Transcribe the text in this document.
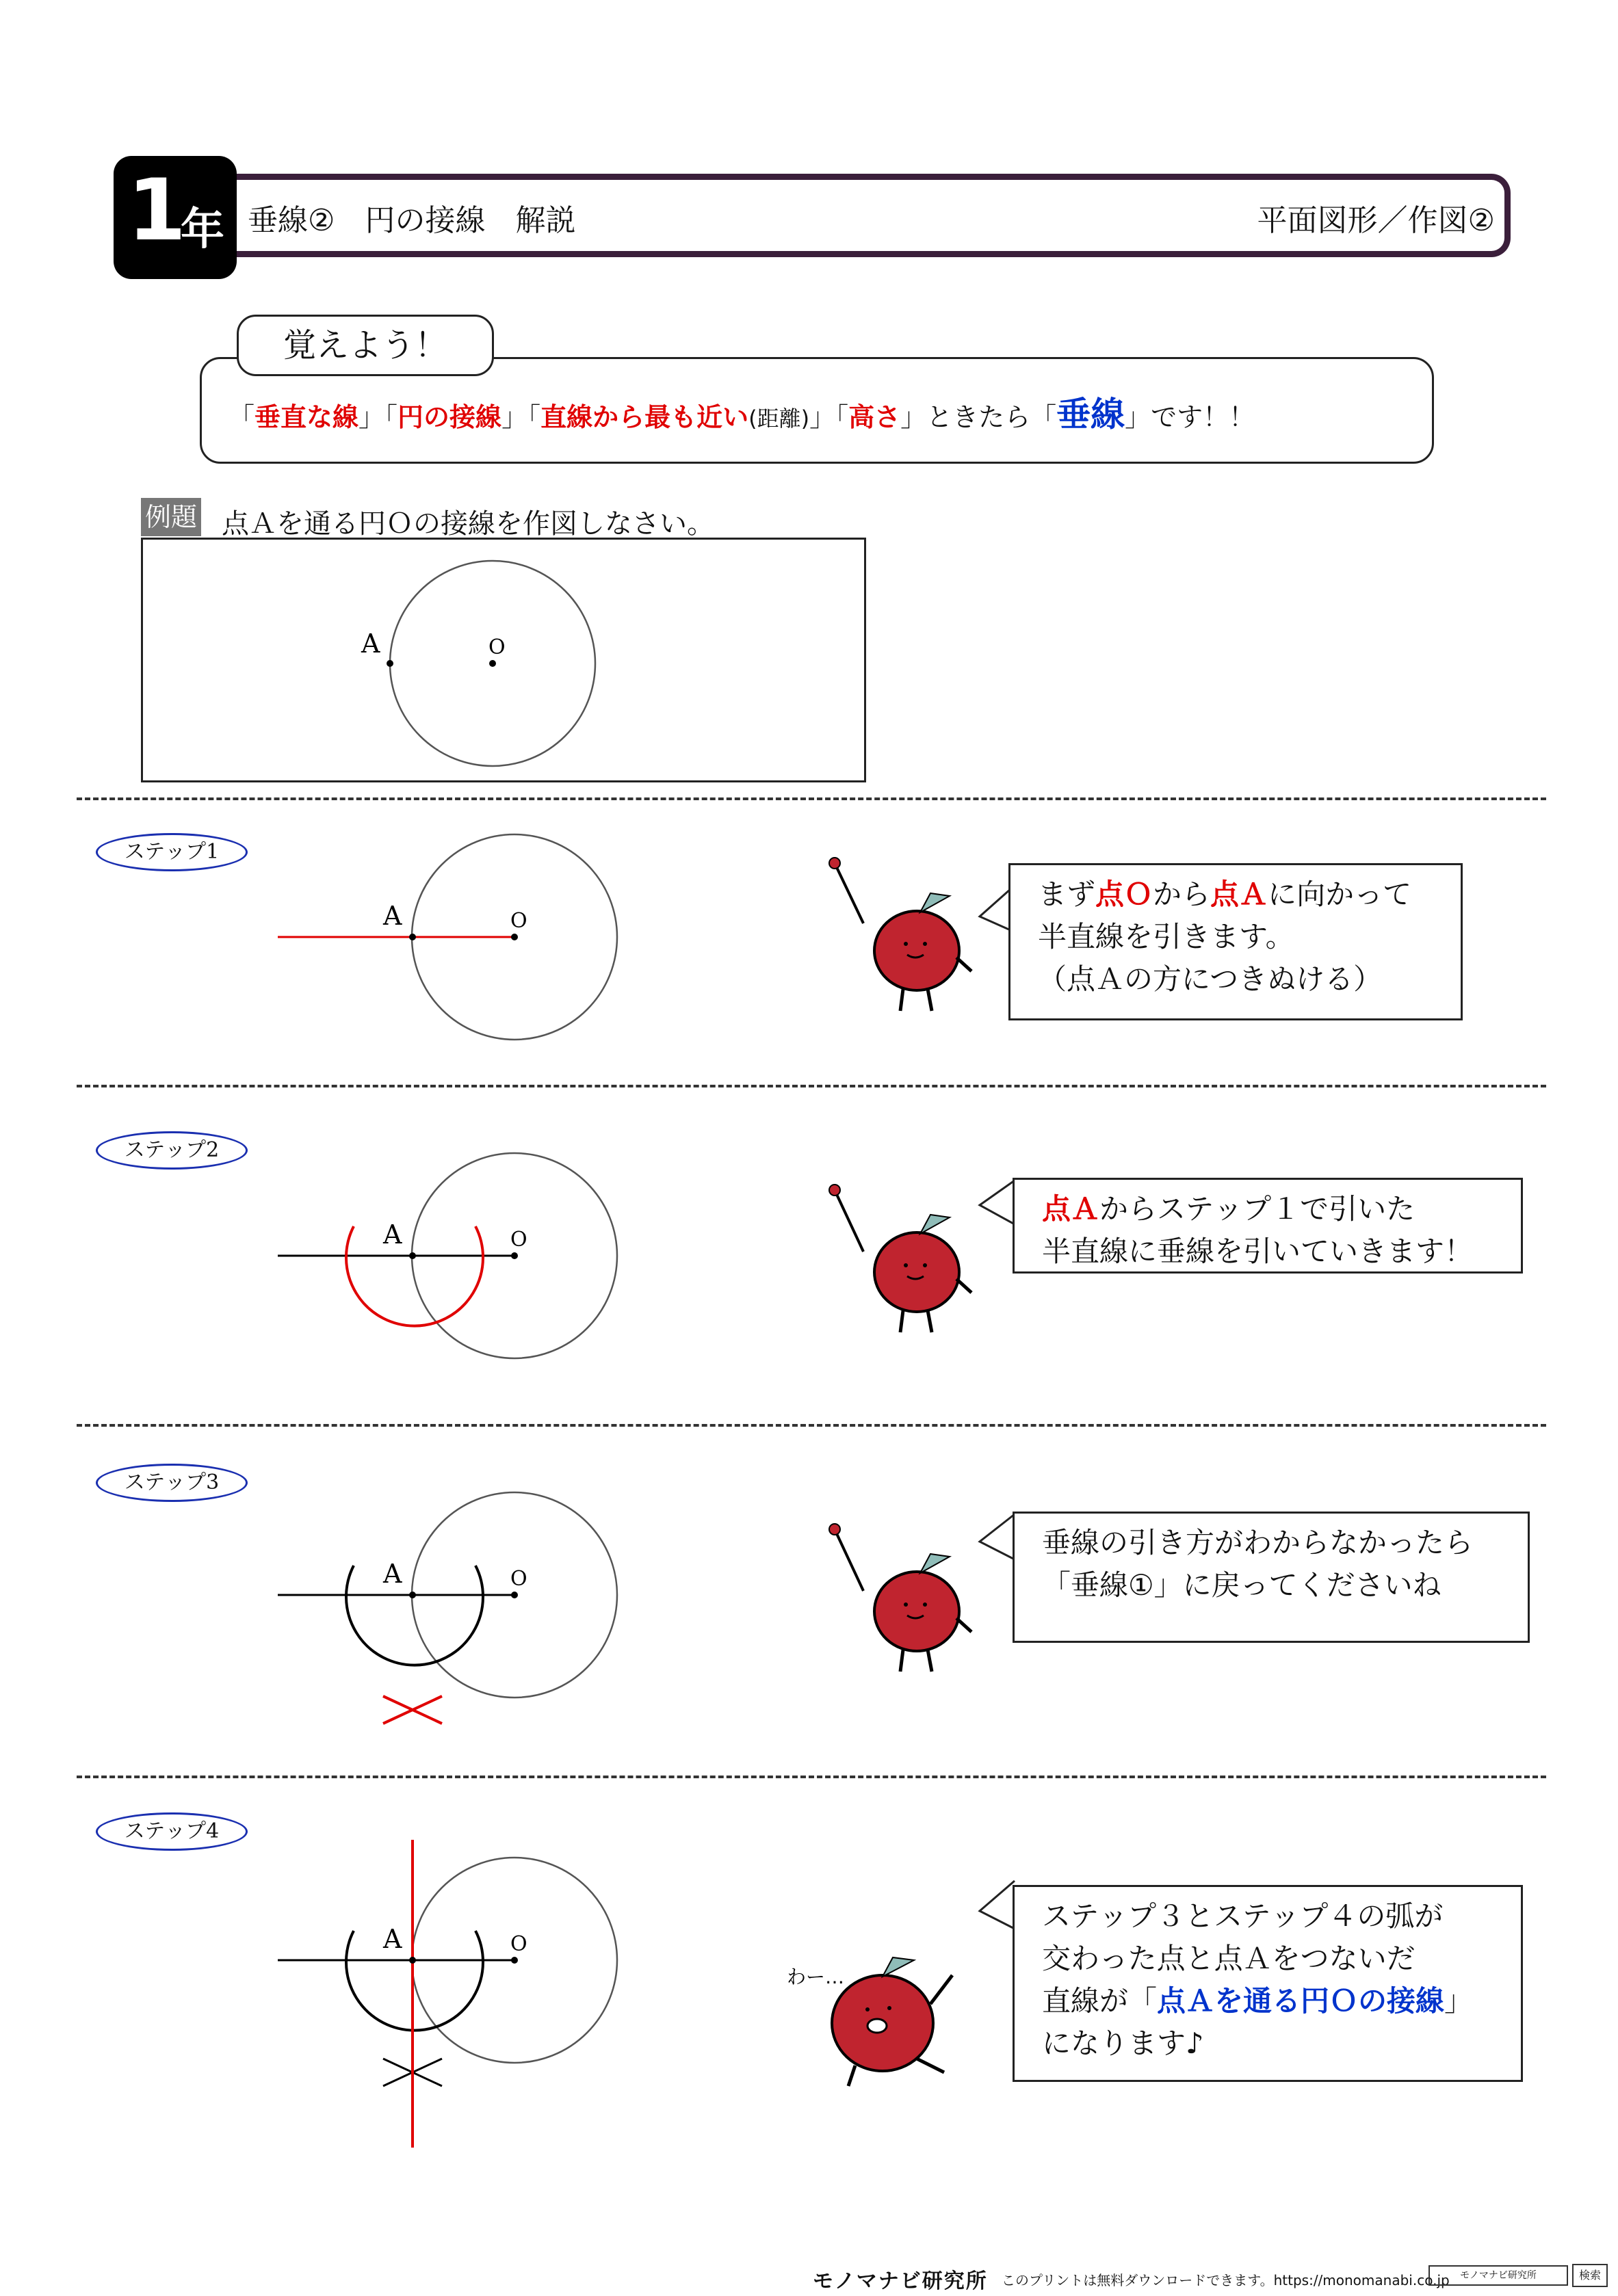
1
年 垂線②　円の接線　解説	平面図形／作図②
覚えよう！
「垂直な線」「円の接線」「直線から最も近い(距離)」「高さ」ときたら「垂線」です！！
例題 点Ａを通る円Ｏの接線を作図しなさい。
A	O
A	O
A	O
A	O
A	O
わー…
ステップ1
ステップ2
ステップ3
ステップ4
まず点Ｏから点Ａに向かって
半直線を引きます。
（点Ａの方につきぬける）
点Ａからステップ１で引いた
半直線に垂線を引いていきます！
垂線の引き方がわからなかったら
「垂線①」に戻ってくださいね
ステップ３とステップ４の弧が
交わった点と点Ａをつないだ
直線が「点Ａを通る円Ｏの接線」
になります♪
モノマナビ研究所 このプリントは無料ダウンロードできます。https://monomanabi.co.jp	モノマナビ研究所	検索
